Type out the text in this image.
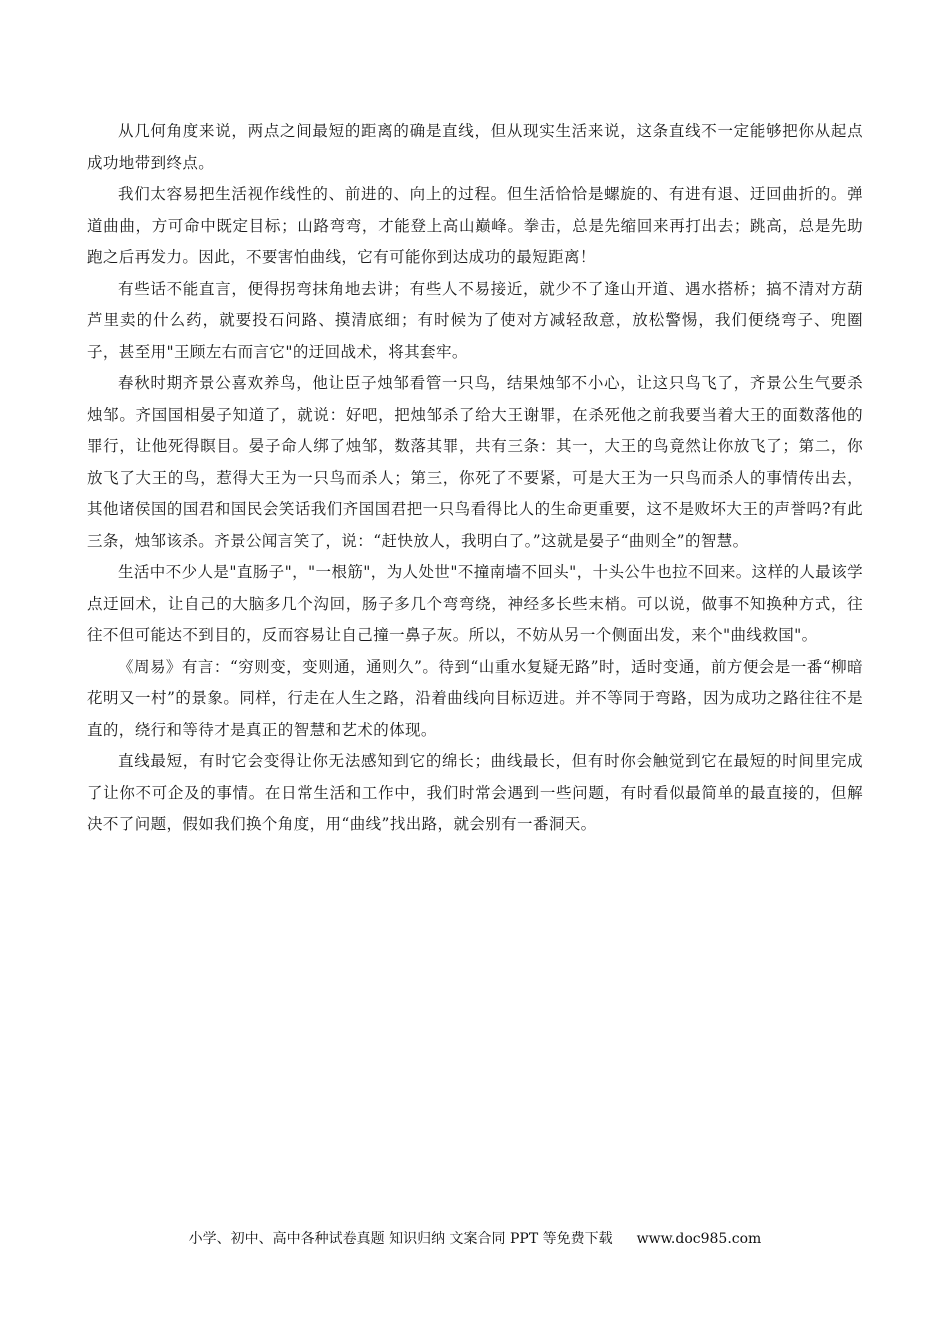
从几何角度来说，两点之间最短的距离的确是直线，但从现实生活来说，这条直线不一定能够把你从起点成功地带到终点。

我们太容易把生活视作线性的、前进的、向上的过程。但生活恰恰是螺旋的、有进有退、迂回曲折的。弹道曲曲，方可命中既定目标；山路弯弯，才能登上高山巅峰。拳击，总是先缩回来再打出去；跳高，总是先助跑之后再发力。因此，不要害怕曲线，它有可能你到达成功的最短距离！

有些话不能直言，便得拐弯抹角地去讲；有些人不易接近，就少不了逢山开道、遇水搭桥；搞不清对方葫芦里卖的什么药，就要投石问路、摸清底细；有时候为了使对方减轻敌意，放松警惕，我们便绕弯子、兜圈子，甚至用"王顾左右而言它"的迂回战术，将其套牢。

春秋时期齐景公喜欢养鸟，他让臣子烛邹看管一只鸟，结果烛邹不小心，让这只鸟飞了，齐景公生气要杀烛邹。齐国国相晏子知道了，就说：好吧，把烛邹杀了给大王谢罪，在杀死他之前我要当着大王的面数落他的罪行，让他死得瞑目。晏子命人绑了烛邹，数落其罪，共有三条：其一，大王的鸟竟然让你放飞了；第二，你放飞了大王的鸟，惹得大王为一只鸟而杀人；第三，你死了不要紧，可是大王为一只鸟而杀人的事情传出去，其他诸侯国的国君和国民会笑话我们齐国国君把一只鸟看得比人的生命更重要，这不是败坏大王的声誉吗?有此三条，烛邹该杀。齐景公闻言笑了，说：“赶快放人，我明白了。”这就是晏子“曲则全”的智慧。

生活中不少人是"直肠子"，"一根筋"，为人处世"不撞南墙不回头"，十头公牛也拉不回来。这样的人最该学点迂回术，让自己的大脑多几个沟回，肠子多几个弯弯绕，神经多长些末梢。可以说，做事不知换种方式，往往不但可能达不到目的，反而容易让自己撞一鼻子灰。所以，不妨从另一个侧面出发，来个"曲线救国"。

《周易》有言：“穷则变，变则通，通则久”。待到“山重水复疑无路”时，适时变通，前方便会是一番“柳暗花明又一村”的景象。同样，行走在人生之路，沿着曲线向目标迈进。并不等同于弯路，因为成功之路往往不是直的，绕行和等待才是真正的智慧和艺术的体现。

直线最短，有时它会变得让你无法感知到它的绵长；曲线最长，但有时你会触觉到它在最短的时间里完成了让你不可企及的事情。在日常生活和工作中，我们时常会遇到一些问题，有时看似最简单的最直接的，但解决不了问题，假如我们换个角度，用“曲线”找出路，就会别有一番洞天。

小学、初中、高中各种试卷真题 知识归纳 文案合同 PPT 等免费下载 www.doc985.com
